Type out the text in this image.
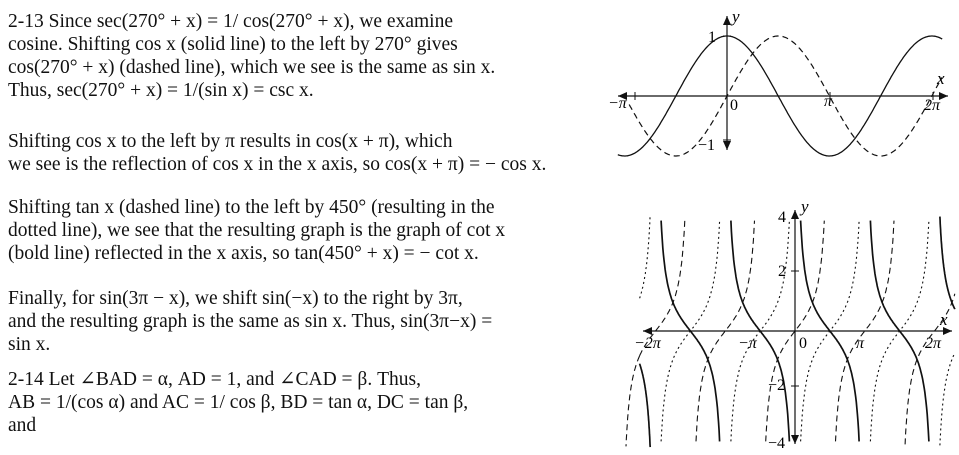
2-13 Since sec(270° + x) = 1/ cos(270° + x), we examine
cosine. Shifting cos x (solid line) to the left by 270° gives
cos(270° + x) (dashed line), which we see is the same as sin x.
Thus, sec(270° + x) = 1/(sin x) = csc x.
Shifting cos x to the left by π results in cos(x + π), which
we see is the reflection of cos x in the x axis, so cos(x + π) = − cos x.
Shifting tan x (dashed line) to the left by 450° (resulting in the
dotted line), we see that the resulting graph is the graph of cot x
(bold line) reflected in the x axis, so tan(450° + x) = − cot x.
Finally, for sin(3π − x), we shift sin(−x) to the right by 3π,
and the resulting graph is the same as sin x. Thus, sin(3π−x) =
sin x.
2-14 Let ∠BAD = α, AD = 1, and ∠CAD = β. Thus,
AB = 1/(cos α) and AC = 1/ cos β, BD = tan α, DC = tan β,
and
x
y
−π	0	π	2π
1
−1
x
y
−2π	−π	0	π	2π
4
2
−2
−4
